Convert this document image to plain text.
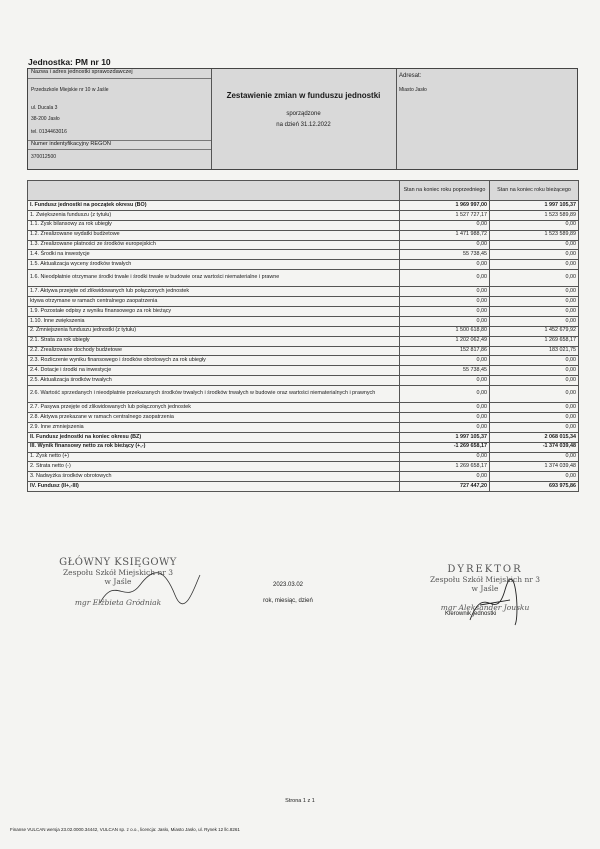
Jednostka: PM nr 10
Nazwa i adres jednostki sprawozdawczej
Przedszkole Miejskie nr 10 w Jaśle
ul. Ducala 3
38-200 Jasło
tel. 0134463016
Numer indentyfikacyjny REGON
370012500
Zestawienie zmian w funduszu jednostki
sporządzone
na dzień 31.12.2022
Adresat:
Miasto Jasło
	Stan na koniec roku poprzedniego	Stan na koniec roku bieżącego
I. Fundusz jednostki na początek okresu (BO)	1 969 997,00	1 997 105,37
1. Zwiększenia funduszu (z tytułu)	1 527 727,17	1 523 589,89
1.1. Zysk bilansowy za rok ubiegły	0,00	0,00
1.2. Zrealizowane wydatki budżetowe	1 471 988,72	1 523 589,89
1.3. Zrealizowane płatności ze środków europejskich	0,00	0,00
1.4. Środki na inwestycje	55 738,45	0,00
1.5. Aktualizacja wyceny środków trwałych	0,00	0,00
1.6. Nieodpłatnie otrzymane środki trwałe i środki trwałe w budowie oraz wartości niematerialne i prawne	0,00	0,00
1.7. Aktywa przejęte od zlikwidowanych lub połączonych jednostek	0,00	0,00
ktywa otrzymane w ramach centralnego zaopatrzenia	0,00	0,00
1.9. Pozostałe odpisy z wyniku finansowego za rok bieżący	0,00	0,00
1.10. Inne zwiększenia	0,00	0,00
2. Zmniejszenia funduszu jednostki (z tytułu)	1 500 618,80	1 452 679,92
2.1. Strata za rok ubiegły	1 202 062,49	1 269 658,17
2.2. Zrealizowane dochody budżetowe	152 817,86	183 021,75
2.3. Rozliczenie wyniku finansowego i środków obrotowych za rok ubiegły	0,00	0,00
2.4. Dotacje i środki na inwestycje	55 738,45	0,00
2.5. Aktualizacja środków trwałych	0,00	0,00
2.6. Wartość sprzedanych i nieodpłatnie przekazanych środków trwałych i środków trwałych w budowie oraz wartości niematerialnych i prawnych	0,00	0,00
2.7. Pasywa przejęte od zlikwidowanych lub połączonych jednostek	0,00	0,00
2.8. Aktywa przekazane w ramach centralnego zaopatrzenia	0,00	0,00
2.9. Inne zmniejszenia	0,00	0,00
II. Fundusz jednostki na koniec okresu (BZ)	1 997 105,37	2 068 015,34
III. Wynik finansowy netto za rok bieżący (+,-)	-1 269 658,17	-1 374 039,48
1. Zysk netto (+)	0,00	0,00
2. Strata netto (-)	1 269 658,17	1 374 039,48
3. Nadwyżka środków obrotowych	0,00	0,00
IV. Fundusz (II+,-III)	727 447,20	693 975,86
GŁÓWNY KSIĘGOWY
Zespołu Szkół Miejskich nr 3
w Jaśle
mgr Elżbieta Gródniak
2023.03.02
rok, miesiąc, dzień
DYREKTOR
Zespołu Szkół Miejskich nr 3
w Jaśle
mgr Aleksander Jousku
Kierownik jednostki
Strona 1 z 1
Finanse VULCAN wersja 23.02.0000.34442, VULCAN sp. z o.o., licencja: Jasło, Miasto Jasło, ul. Rynek 12 llc.8261
